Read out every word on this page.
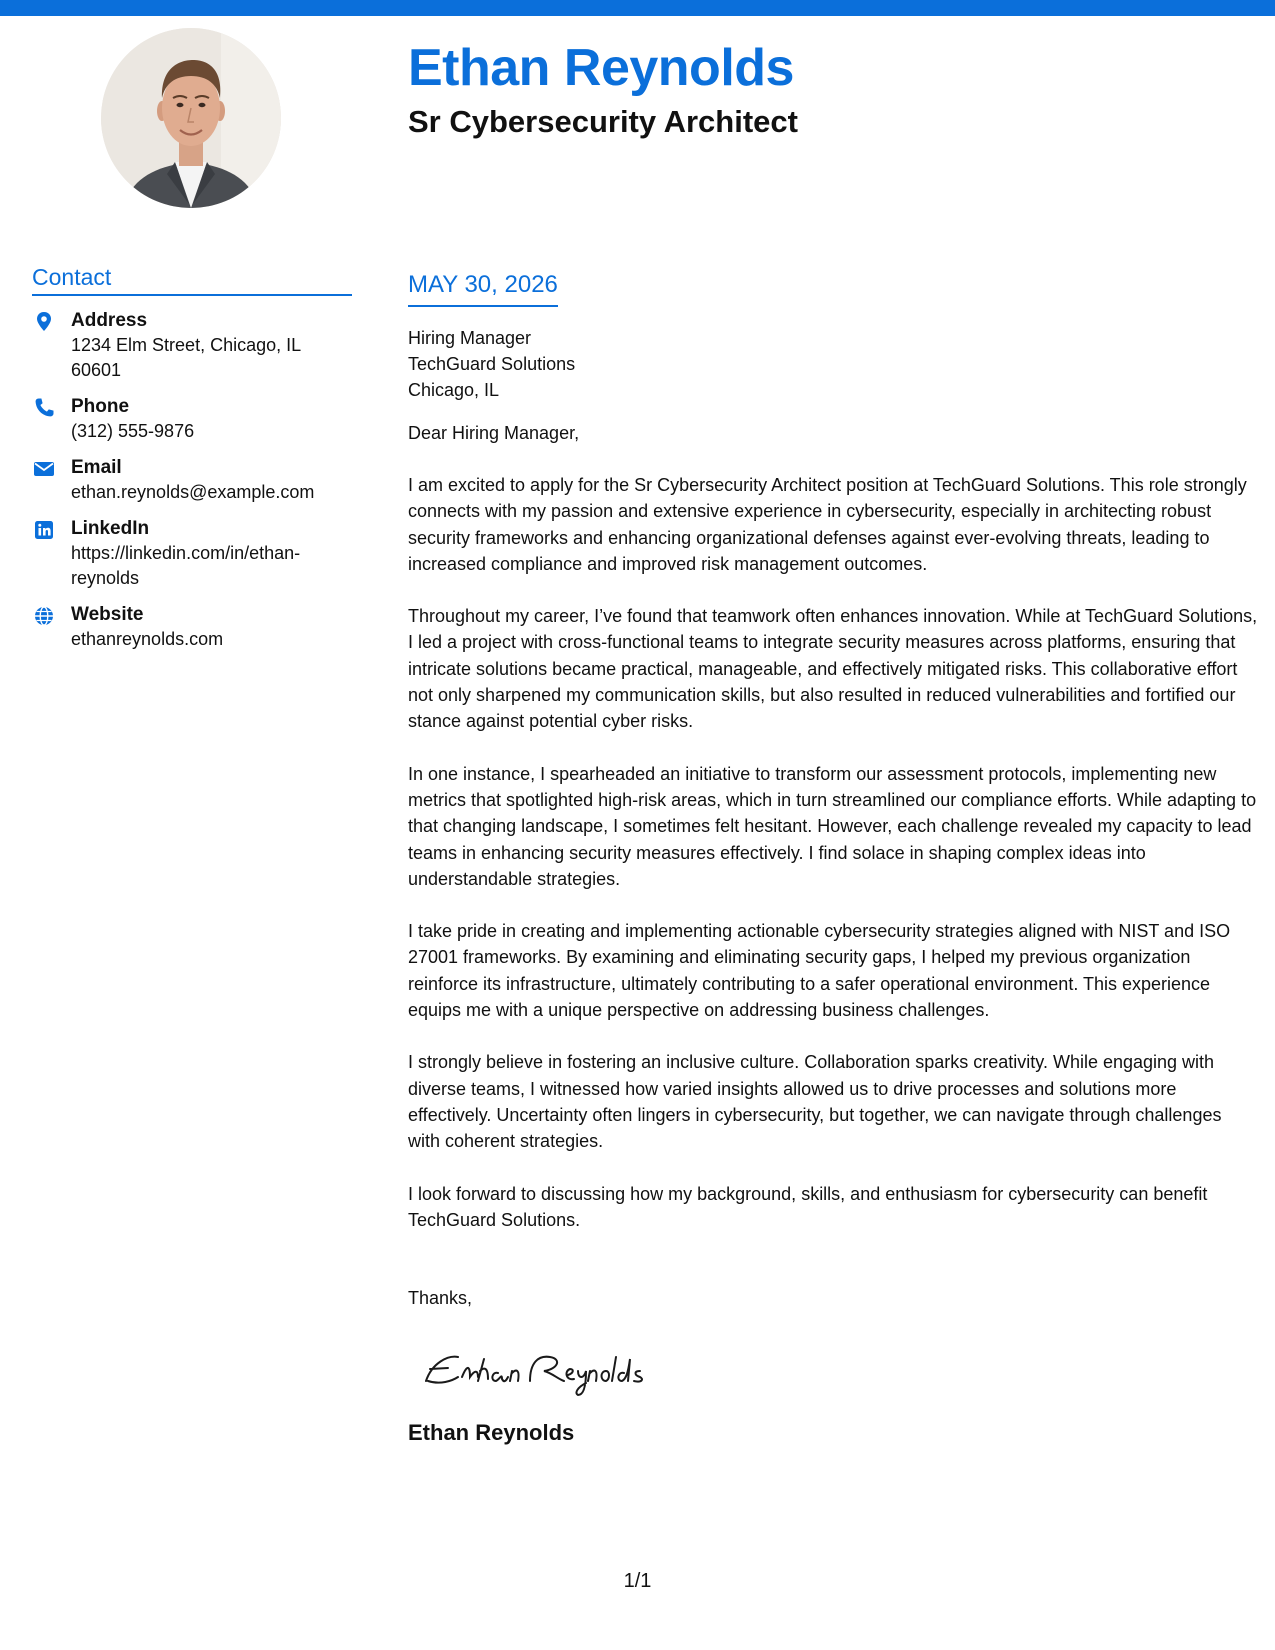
Ethan Reynolds
Sr Cybersecurity Architect
Contact
Address
1234 Elm Street, Chicago, IL
60601
Phone
(312) 555-9876
Email
ethan.reynolds@example.com
LinkedIn
https://linkedin.com/in/ethan-
reynolds
Website
ethanreynolds.com
MAY 30, 2026
Hiring Manager
TechGuard Solutions
Chicago, IL
Dear Hiring Manager,
I am excited to apply for the Sr Cybersecurity Architect position at TechGuard Solutions. This role strongly connects with my passion and extensive experience in cybersecurity, especially in architecting robust security frameworks and enhancing organizational defenses against ever-evolving threats, leading to increased compliance and improved risk management outcomes.
Throughout my career, I’ve found that teamwork often enhances innovation. While at TechGuard Solutions, I led a project with cross-functional teams to integrate security measures across platforms, ensuring that intricate solutions became practical, manageable, and effectively mitigated risks. This collaborative effort not only sharpened my communication skills, but also resulted in reduced vulnerabilities and fortified our stance against potential cyber risks.
In one instance, I spearheaded an initiative to transform our assessment protocols, implementing new metrics that spotlighted high-risk areas, which in turn streamlined our compliance efforts. While adapting to that changing landscape, I sometimes felt hesitant. However, each challenge revealed my capacity to lead teams in enhancing security measures effectively. I find solace in shaping complex ideas into understandable strategies.
I take pride in creating and implementing actionable cybersecurity strategies aligned with NIST and ISO 27001 frameworks. By examining and eliminating security gaps, I helped my previous organization reinforce its infrastructure, ultimately contributing to a safer operational environment. This experience equips me with a unique perspective on addressing business challenges.
I strongly believe in fostering an inclusive culture. Collaboration sparks creativity. While engaging with diverse teams, I witnessed how varied insights allowed us to drive processes and solutions more effectively. Uncertainty often lingers in cybersecurity, but together, we can navigate through challenges with coherent strategies.
I look forward to discussing how my background, skills, and enthusiasm for cybersecurity can benefit TechGuard Solutions.
Thanks,
Ethan Reynolds
1/1
